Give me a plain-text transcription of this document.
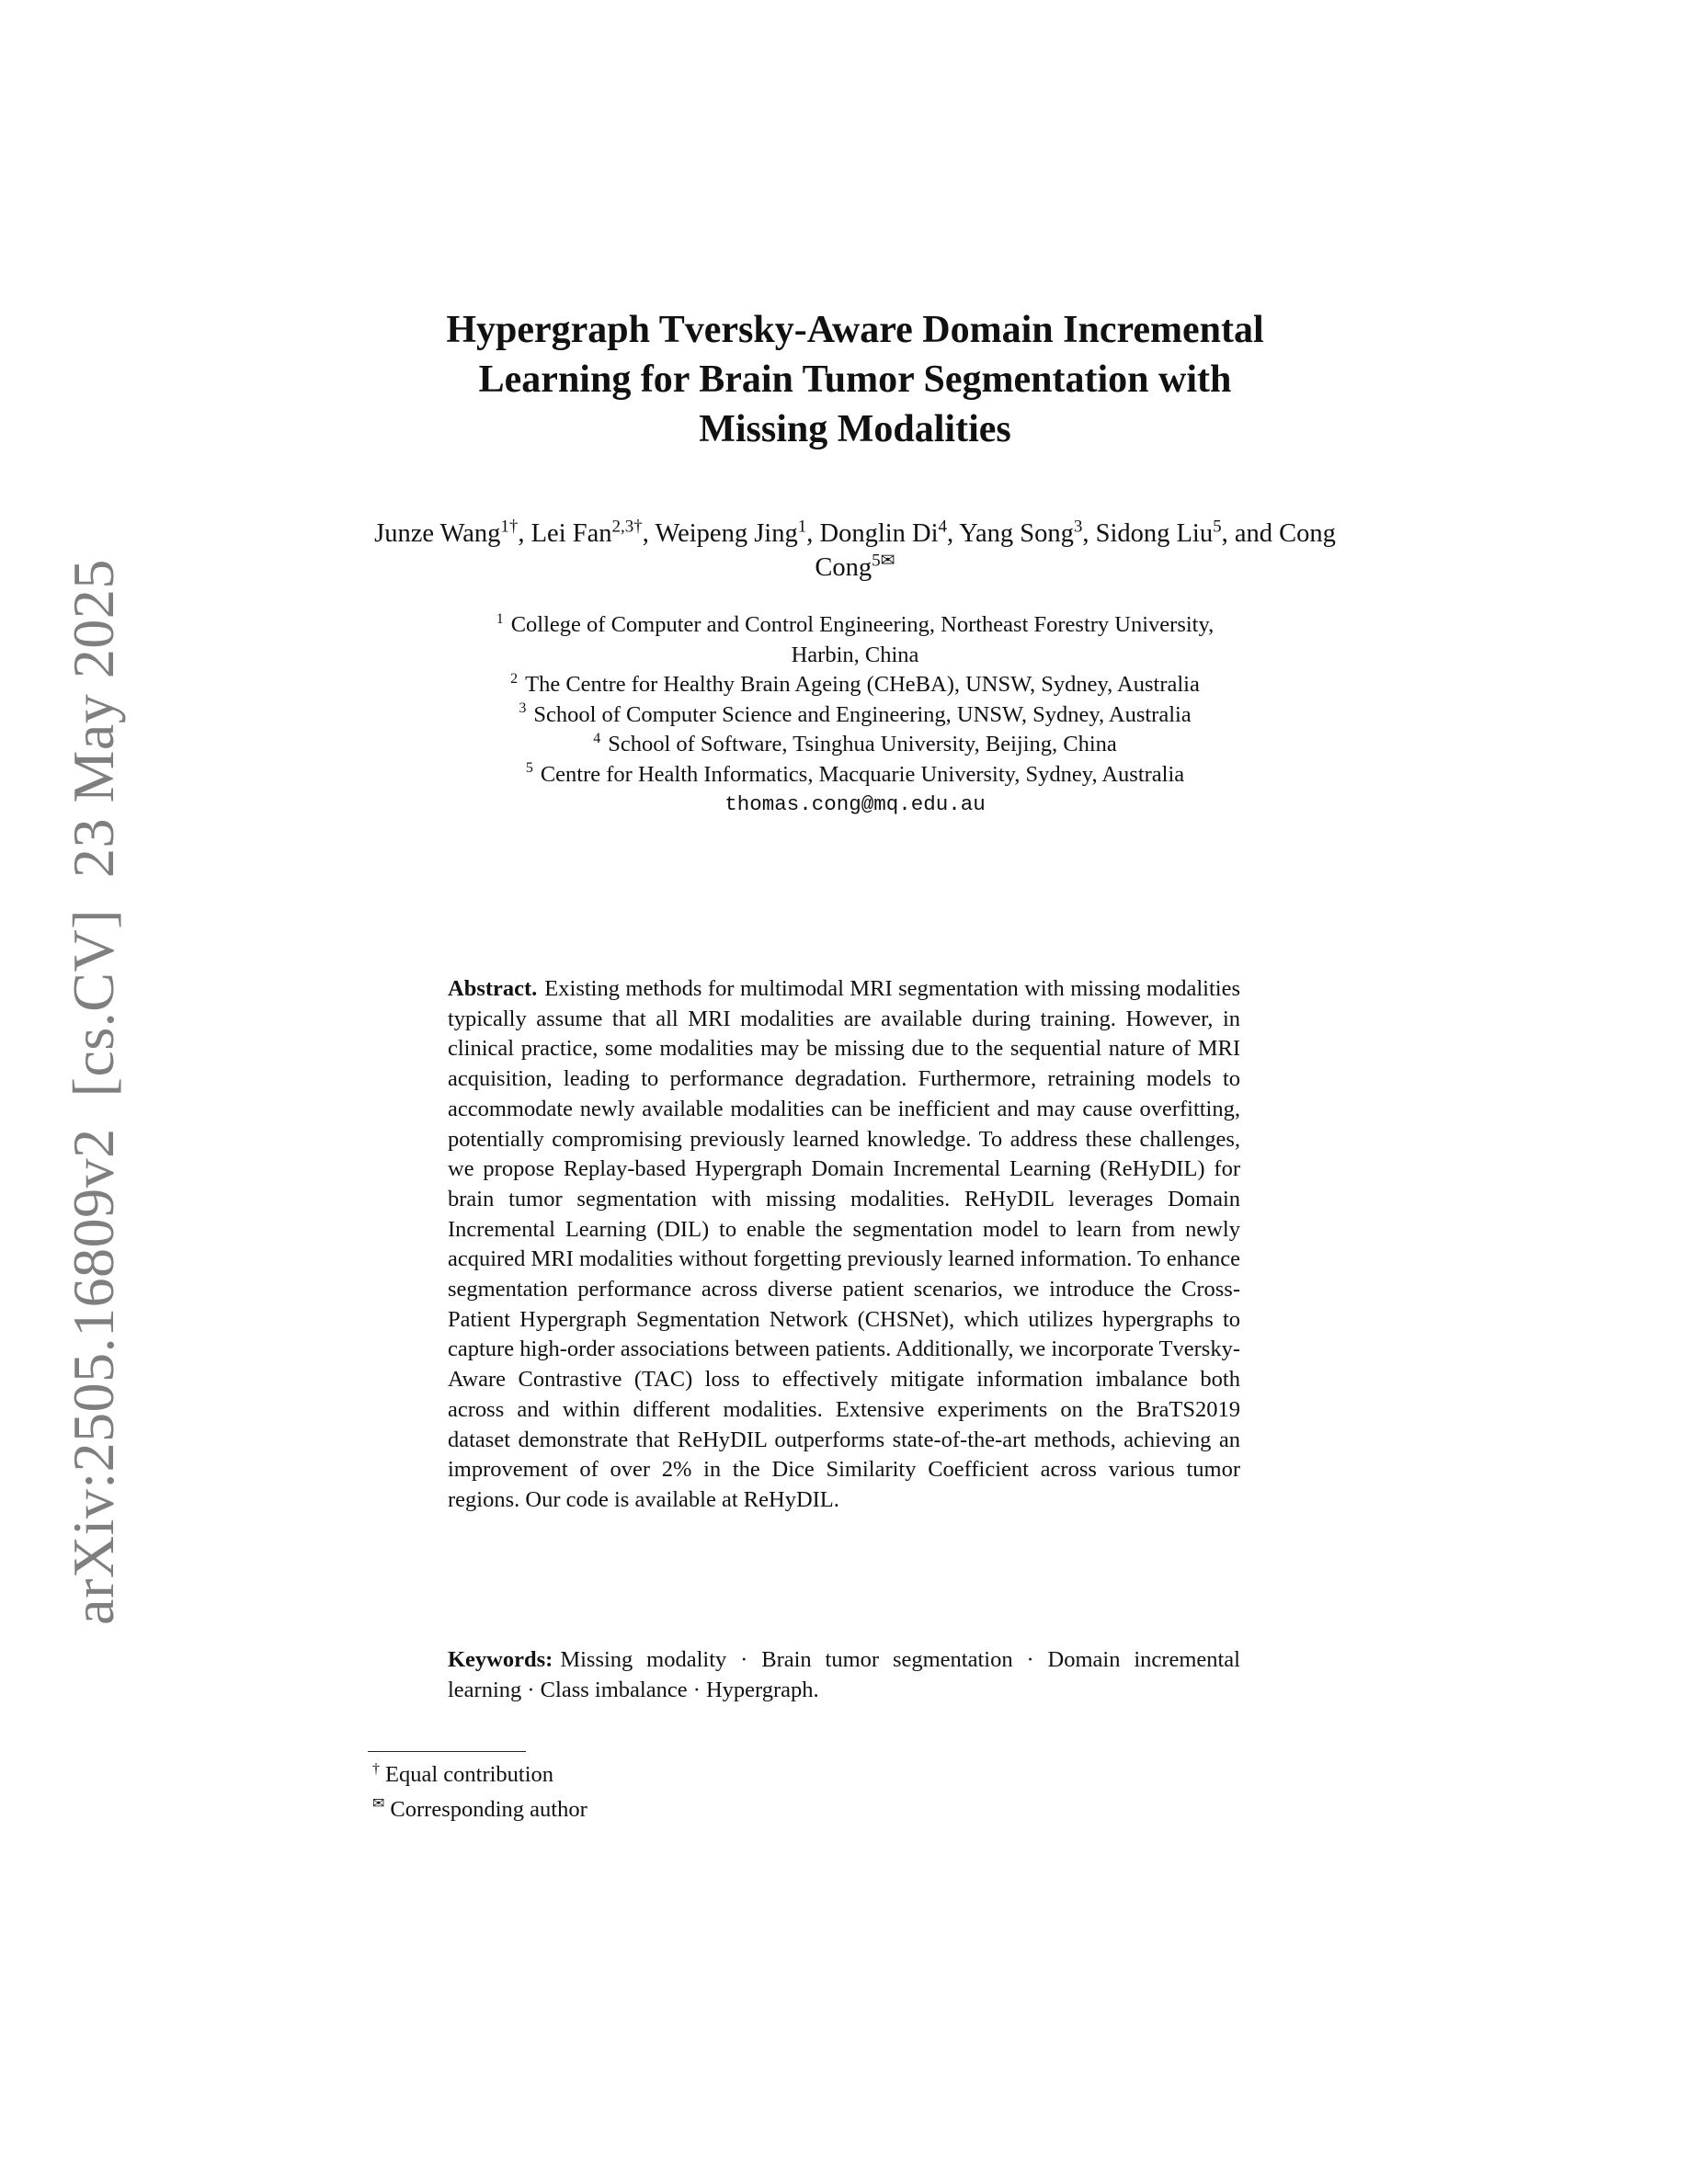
arXiv:2505.16809v2[cs.CV]23 May 2025
Hypergraph Tversky-Aware Domain Incremental
Learning for Brain Tumor Segmentation with
Missing Modalities
Junze Wang$^{1\dagger}$, Lei Fan$^{2,3\dagger}$, Weipeng Jing$^1$, Donglin Di$^4$, Yang Song$^3$, Sidong Liu$^5$, and Cong Cong$^{5✉}$
$^1$ College of Computer and Control Engineering, Northeast Forestry University,
Harbin, China
$^2$ The Centre for Healthy Brain Ageing (CHeBA), UNSW, Sydney, Australia
$^3$ School of Computer Science and Engineering, UNSW, Sydney, Australia
$^4$ School of Software, Tsinghua University, Beijing, China
$^5$ Centre for Health Informatics, Macquarie University, Sydney, Australia
thomas.cong@mq.edu.au

Abstract. Existing methods for multimodal MRI segmentation with missing modalities typically assume that all MRI modalities are available during training. However, in clinical practice, some modalities may be missing due to the sequential nature of MRI acquisition, leading to performance degradation. Furthermore, retraining models to accommodate newly available modalities can be inefficient and may cause overfitting, potentially compromising previously learned knowledge. To address these challenges, we propose Replay-based Hypergraph Domain Incremental Learning (ReHyDIL) for brain tumor segmentation with missing modalities. ReHyDIL leverages Domain Incremental Learning (DIL) to enable the segmentation model to learn from newly acquired MRI modalities without forgetting previously learned information. To enhance segmentation performance across diverse patient scenarios, we introduce the Cross-Patient Hypergraph Segmentation Network (CHSNet), which utilizes hypergraphs to capture high-order associations between patients. Additionally, we incorporate Tversky-Aware Contrastive (TAC) loss to effectively mitigate information imbalance both across and within different modalities. Extensive experiments on the BraTS2019 dataset demonstrate that ReHyDIL outperforms state-of-the-art methods, achieving an improvement of over 2% in the Dice Similarity Coefficient across various tumor regions. Our code is available at ReHyDIL.

Keywords: Missing modality · Brain tumor segmentation · Domain incremental learning · Class imbalance · Hypergraph.

† Equal contribution
✉ Corresponding author
